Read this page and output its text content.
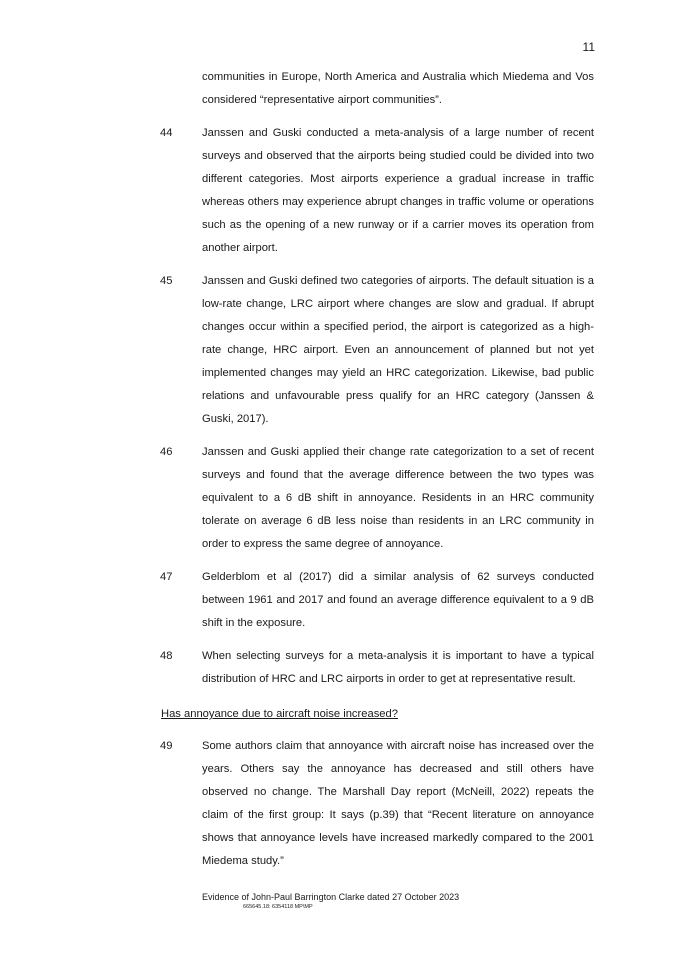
11
communities in Europe, North America and Australia which Miedema and Vos considered “representative airport communities”.
44	Janssen and Guski conducted a meta-analysis of a large number of recent surveys and observed that the airports being studied could be divided into two different categories. Most airports experience a gradual increase in traffic whereas others may experience abrupt changes in traffic volume or operations such as the opening of a new runway or if a carrier moves its operation from another airport.
45	Janssen and Guski defined two categories of airports. The default situation is a low-rate change, LRC airport where changes are slow and gradual. If abrupt changes occur within a specified period, the airport is categorized as a high-rate change, HRC airport. Even an announcement of planned but not yet implemented changes may yield an HRC categorization. Likewise, bad public relations and unfavourable press qualify for an HRC category (Janssen & Guski, 2017).
46	Janssen and Guski applied their change rate categorization to a set of recent surveys and found that the average difference between the two types was equivalent to a 6 dB shift in annoyance. Residents in an HRC community tolerate on average 6 dB less noise than residents in an LRC community in order to express the same degree of annoyance.
47	Gelderblom et al (2017) did a similar analysis of 62 surveys conducted between 1961 and 2017 and found an average difference equivalent to a 9 dB shift in the exposure.
48	When selecting surveys for a meta-analysis it is important to have a typical distribution of HRC and LRC airports in order to get at representative result.
Has annoyance due to aircraft noise increased?
49	Some authors claim that annoyance with aircraft noise has increased over the years. Others say the annoyance has decreased and still others have observed no change. The Marshall Day report (McNeill, 2022) repeats the claim of the first group: It says (p.39) that “Recent literature on annoyance shows that annoyance levels have increased markedly compared to the 2001 Miedema study.”
Evidence of John-Paul Barrington Clarke dated 27 October 2023
665645.18: 6354118 MP\MP
